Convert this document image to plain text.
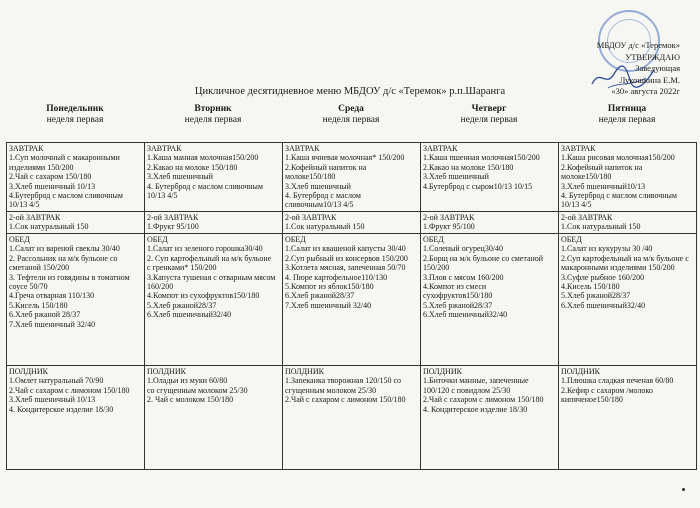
МБДОУ д/с «Теремок»
УТВЕРЖДАЮ
Заведующая
Лукошкина Е.М.
«30» августа 2022г
Цикличное десятидневное меню МБДОУ д/с «Теремок» р.п.Шаранга
Понедельник
неделя первая
Вторник
неделя первая
Среда
неделя первая
Четверг
неделя первая
Пятница
неделя первая
ЗАВТРАК
1.Суп молочный с макаронными изделиями 150/200
2.Чай с сахаром 150/180
3.Хлеб пшеничный 10/13
4.Бутерброд с маслом сливочным 10/13 4/5
ЗАВТРАК
1.Каша манная молочная150/200
2.Какао на молоке 150/180
3.Хлеб пшеничный
4. Бутерброд с маслом сливочным 10/13 4/5
ЗАВТРАК
1.Каша ячневая молочная* 150/200
2.Кофейный напиток на молоке150/180
3.Хлеб пшеничный
4. Бутерброд с маслом сливочным10/13 4/5
ЗАВТРАК
1.Каша пшенная молочная150/200
2.Какао на молоке 150/180
3.Хлеб пшеничный
4.Бутерброд с сыром10/13 10/15
ЗАВТРАК
1.Каша рисовая молочная150/200
2.Кофейный напиток на молоке150/180
3.Хлеб пшеничный10/13
4. Бутерброд с маслом сливочным 10/13 4/5
2-ой ЗАВТРАК
1.Сок натуральный 150
2-ой ЗАВТРАК
1.Фрукт 95/100
2-ой ЗАВТРАК
1.Сок натуральный 150
2-ой ЗАВТРАК
1.Фрукт 95/100
2-ой ЗАВТРАК
1.Сок натуральный 150
ОБЕД
1.Салат из вареной свеклы 30/40
2. Рассольник на м/к бульоне со сметаной 150/200
3. Тефтели из говядины в томатном соусе 50/70
4.Греча отварная 110/130
5.Кисель 150/180
6.Хлеб ржаной 28/37
7.Хлеб пшеничный 32/40
ОБЕД
1.Салат из зеленого горошка30/40
2. Суп картофельный на м/к бульоне
с гренками* 150/200
3.Капуста тушеная с отварным мясом 160/200
4.Компот из сухофруктов150/180
5.Хлеб ржаной28/37
6.Хлеб пшеничный32/40
ОБЕД
1.Салат из квашеной капусты 30/40
2.Суп рыбный из консервов 150/200
3.Котлета мясная, запеченная 50/70
4. Пюре картофельное110/130
5.Компот из яблок150/180
6.Хлеб ржаной28/37
7.Хлеб пшеничный 32/40
ОБЕД
1.Соленый огурец30/40
2.Борщ на м/к бульоне со сметаной 150/200
3.Плов с мясом 160/200
4.Компот из смеси сухофруктов150/180
5.Хлеб ржаной28/37
6.Хлеб пшеничный32/40
ОБЕД
1.Салат из кукурузы 30 /40
2.Суп картофельный на м/к бульоне с макаронными изделиями 150/200
3.Суфле рыбное 160/200
4.Кисель 150/180
5.Хлеб ржаной28/37
6.Хлеб пшеничный32/40
ПОЛДНИК
1.Омлет натуральный 70/90
2.Чай с сахаром с лимоном 150/180
3.Хлеб пшеничный 10/13
4. Кондитерское изделие 18/30
ПОЛДНИК
1.Оладьи из муки 60/80
со сгущенным молоком 25/30
2. Чай с молоком 150/180
ПОЛДНИК
1.Запеканка творожная 120/150 со сгущенным молоком 25/30
2.Чай с сахаром с лимоном 150/180
ПОЛДНИК
1.Биточки манные, запеченные 100/120 с повидлом 25/30
2.Чай с сахаром с лимоном 150/180
4. Кондитерское изделие 18/30
ПОЛДНИК
1.Плюшка сладкая печеная 60/80
2.Кефир с сахаром /молоко кипяченое150/180
